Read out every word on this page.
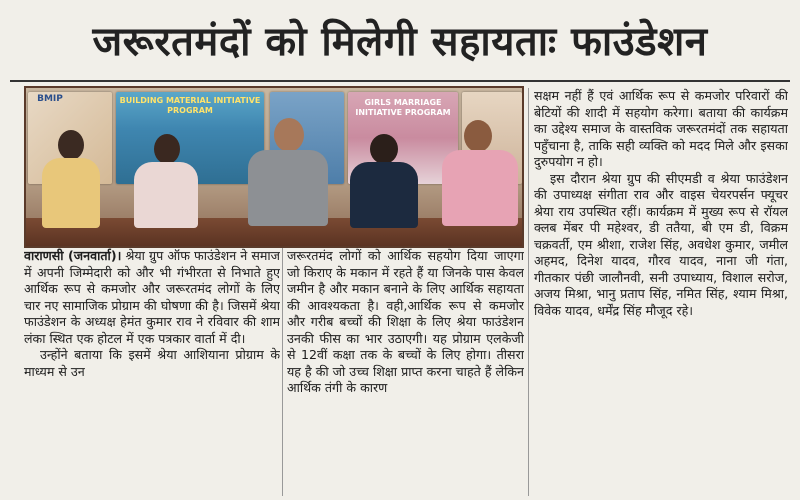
जरूरतमंदों को मिलेगी सहायताः फाउंडेशन
BMIP	BUILDING MATERIAL INITIATIVE PROGRAM
GIRLS MARRIAGE INITIATIVE PROGRAM

वाराणसी (जनवार्ता)। श्रेया ग्रुप ऑफ फाउंडेशन ने समाज में अपनी जिम्मेदारी को और भी गंभीरता से निभाते हुए आर्थिक रूप से कमजोर और जरूरतमंद लोगों के लिए चार नए सामाजिक प्रोग्राम की घोषणा की है। जिसमें श्रेया फाउंडेशन के अध्यक्ष हेमंत कुमार राव ने रविवार की शाम लंका स्थित एक होटल में एक पत्रकार वार्ता में दी।

उन्होंने बताया कि इसमें श्रेया आशियाना प्रोग्राम के माध्यम से उन

जरूरतमंद लोगों को आर्थिक सहयोग दिया जाएगा जो किराए के मकान में रहते हैं या जिनके पास केवल जमीन है और मकान बनाने के लिए आर्थिक सहायता की आवश्यकता है। वही,आर्थिक रूप से कमजोर और गरीब बच्चों की शिक्षा के लिए श्रेया फाउंडेशन उनकी फीस का भार उठाएगी। यह प्रोग्राम एलकेजी से 12वीं कक्षा तक के बच्चों के लिए होगा। तीसरा यह है की जो उच्च शिक्षा प्राप्त करना चाहते हैं लेकिन आर्थिक तंगी के कारण

सक्षम नहीं हैं एवं आर्थिक रूप से कमजोर परिवारों की बेटियों की शादी में सहयोग करेगा। बताया की कार्यक्रम का उद्देश्य समाज के वास्तविक जरूरतमंदों तक सहायता पहुँचाना है, ताकि सही व्यक्ति को मदद मिले और इसका दुरुपयोग न हो।

इस दौरान श्रेया ग्रुप की सीएमडी व श्रेया फाउंडेशन की उपाध्यक्ष संगीता राव और वाइस चेयरपर्सन फ्यूचर श्रेया राय उपस्थित रहीं। कार्यक्रम में मुख्य रूप से रॉयल क्लब मेंबर पी महेश्वर, डी ततैया, बी एम डी, विक्रम चक्रवर्ती, एम श्रीशा, राजेश सिंह, अवधेश कुमार, जमील अहमद, दिनेश यादव, गौरव यादव, नाना जी गंता, गीतकार पंछी जालौनवी, सनी उपाध्याय, विशाल सरोज, अजय मिश्रा, भानु प्रताप सिंह, नमित सिंह, श्याम मिश्रा, विवेक यादव, धर्मेंद्र सिंह मौजूद रहे।
